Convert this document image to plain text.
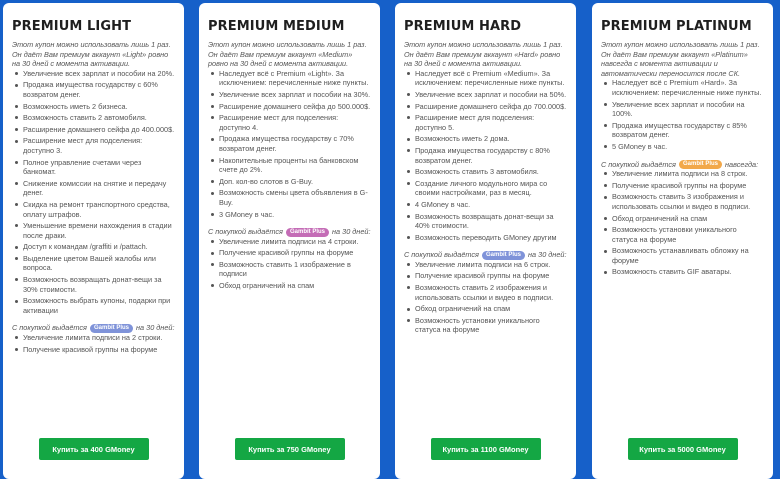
PREMIUM LIGHT
Этот купон можно использовать лишь 1 раз. Он даёт Вам премиум аккаунт «Light» ровно на 30 дней с момента активации.
Увеличение всех зарплат и пособии на 20%.
Продажа имущества государству с 60% возвратом денег.
Возможность иметь 2 бизнеса.
Возможность ставить 2 автомобиля.
Расширение домашнего сейфа до 400.000$.
Расширение мест для подселения: доступно 3.
Полное управление счетами через банкомат.
Снижение комиссии на снятие и передачу денег.
Скидка на ремонт транспортного средства, оплату штрафов.
Уменьшение времени нахождения в стадии после драки.
Доступ к командам /graffiti и /pattach.
Выделение цветом Вашей жалобы или вопроса.
Возможность возвращать донат-вещи за 30% стоимости.
Возможность выбрать купоны, подарки при активации
С покупкой выдаётся Gambit Plus на 30 дней:
Увеличение лимита подписи на 2 строки.
Получение красивой группы на форуме
Купить за 400 GMoney
PREMIUM MEDIUM
Этот купон можно использовать лишь 1 раз. Он даёт Вам премиум аккаунт «Medium» ровно на 30 дней с момента активации.
Наследует всё с Premium «Light». За исключением: перечисленные ниже пункты.
Увеличение всех зарплат и пособии на 30%.
Расширение домашнего сейфа до 500.000$.
Расширение мест для подселения: доступно 4.
Продажа имущества государству с 70% возвратом денег.
Накопительные проценты на банковском счете до 2%.
Доп. кол-во слотов в G-Buy.
Возможность смены цвета объявления в G-Buy.
3 GMoney в час.
С покупкой выдаётся Gambit Plus на 30 дней:
Увеличение лимита подписи на 4 строки.
Получение красивой группы на форуме
Возможность ставить 1 изображение в подписи
Обход ограничений на спам
Купить за 750 GMoney
PREMIUM HARD
Этот купон можно использовать лишь 1 раз. Он даёт Вам премиум аккаунт «Hard» ровно на 30 дней с момента активации.
Наследует всё с Premium «Medium». За исключением: перечисленные ниже пункты.
Увеличение всех зарплат и пособии на 50%.
Расширение домашнего сейфа до 700.000$.
Расширение мест для подселения: доступно 5.
Возможность иметь 2 дома.
Продажа имущества государству с 80% возвратом денег.
Возможность ставить 3 автомобиля.
Создание личного модульного мира со своими настройками, раз в месяц.
4 GMoney в час.
Возможность возвращать донат-вещи за 40% стоимости.
Возможность переводить GMoney другим
С покупкой выдаётся Gambit Plus на 30 дней:
Увеличение лимита подписи на 6 строк.
Получение красивой группы на форуме
Возможность ставить 2 изображения и использовать ссылки и видео в подписи.
Обход ограничений на спам
Возможность установки уникального статуса на форуме
Купить за 1100 GMoney
PREMIUM PLATINUM
Этот купон можно использовать лишь 1 раз. Он даёт Вам премиум аккаунт «Platinum» навсегда с момента активации и автоматически переносится после СК.
Наследует всё с Premium «Hard». За исключением: перечисленные ниже пункты.
Увеличение всех зарплат и пособии на 100%.
Продажа имущества государству с 85% возвратом денег.
5 GMoney в час.
С покупкой выдаётся Gambit Plus навсегда:
Увеличение лимита подписи на 8 строк.
Получение красивой группы на форуме
Возможность ставить 3 изображения и использовать ссылки и видео в подписи.
Обход ограничений на спам
Возможность установки уникального статуса на форуме
Возможность устанавливать обложку на форуме
Возможность ставить GIF аватары.
Купить за 5000 GMoney
